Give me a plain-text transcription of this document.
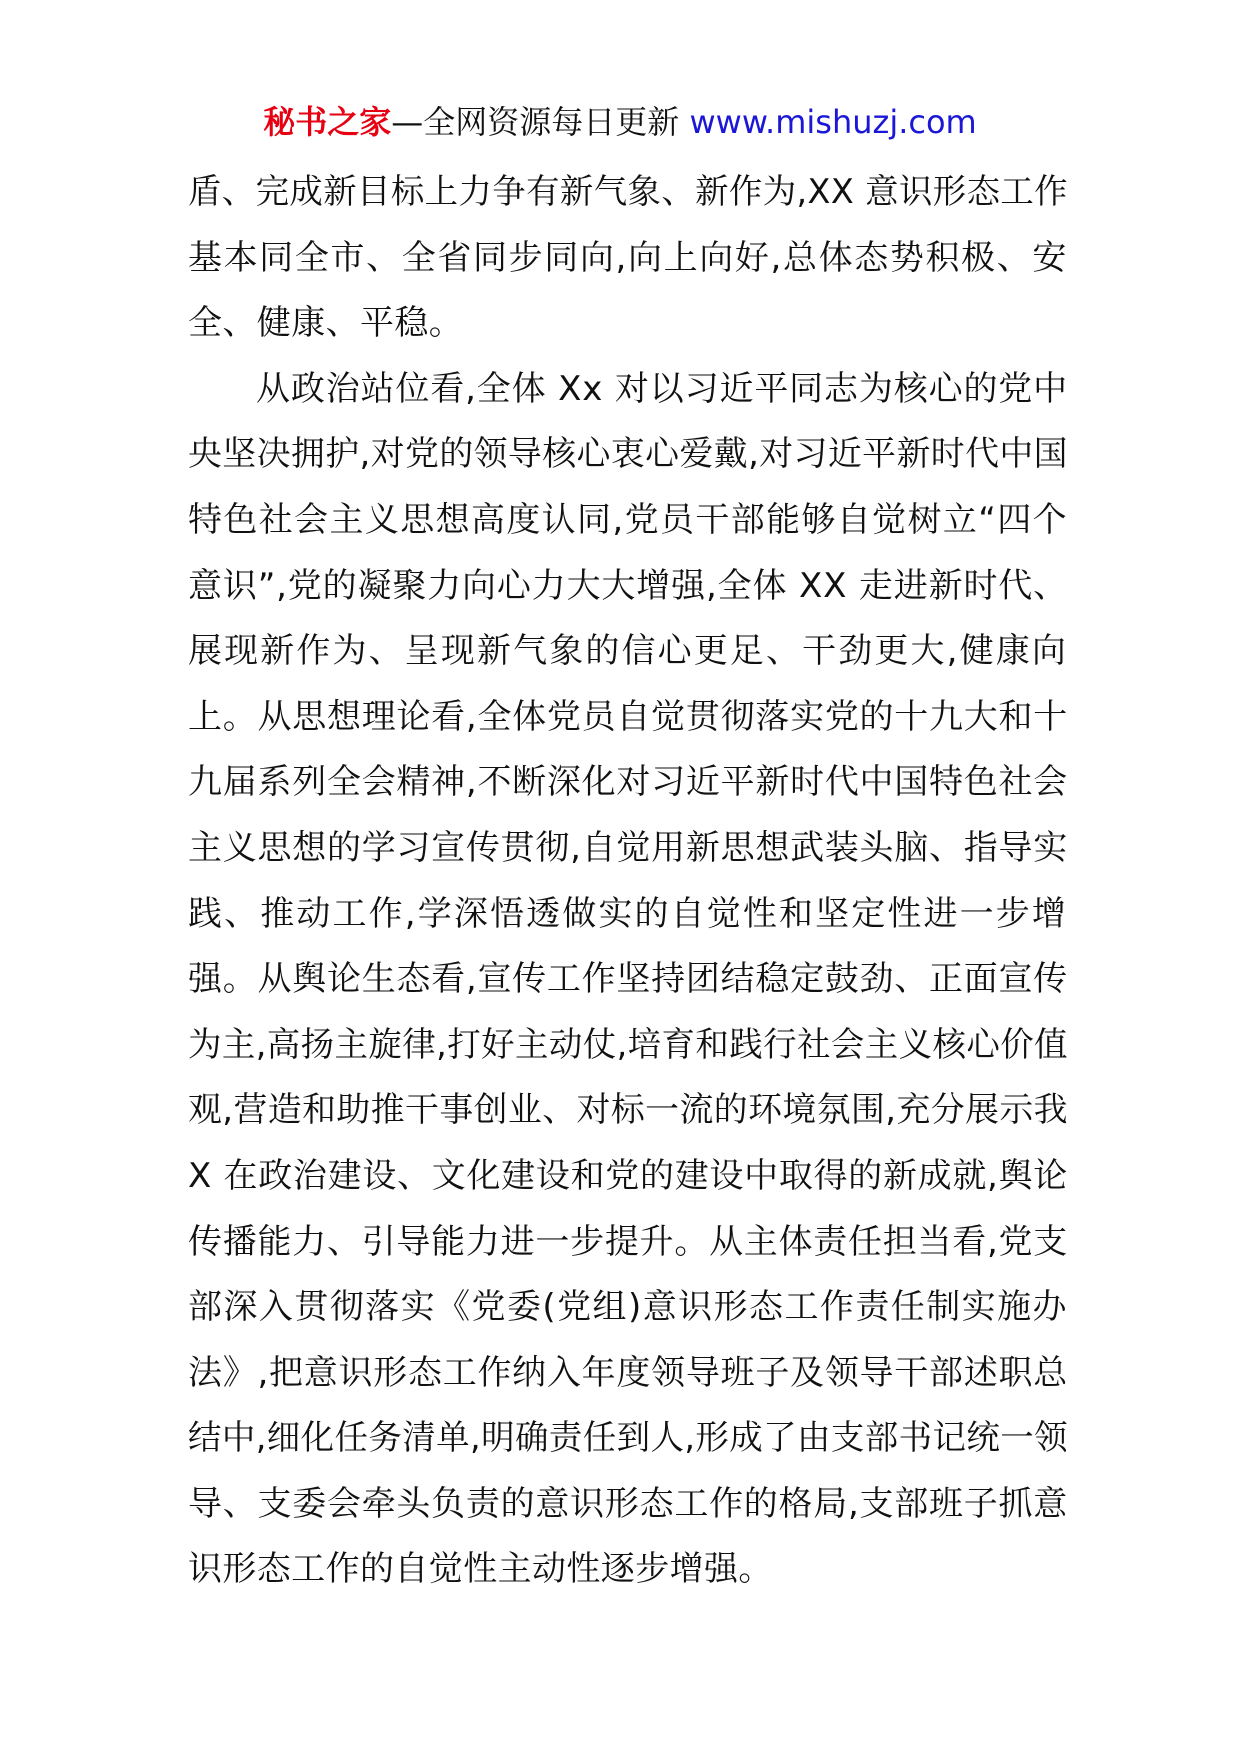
秘书之家—全网资源每日更新 www.mishuzj.com
盾、完成新目标上力争有新气象、新作为,XX 意识形态工作
基本同全市、全省同步同向,向上向好,总体态势积极、安
全、健康、平稳。
从政治站位看,全体 Xx 对以习近平同志为核心的党中
央坚决拥护,对党的领导核心衷心爱戴,对习近平新时代中国
特色社会主义思想高度认同,党员干部能够自觉树立“四个
意识”,党的凝聚力向心力大大增强,全体 XX 走进新时代、
展现新作为、呈现新气象的信心更足、干劲更大,健康向
上。从思想理论看,全体党员自觉贯彻落实党的十九大和十
九届系列全会精神,不断深化对习近平新时代中国特色社会
主义思想的学习宣传贯彻,自觉用新思想武装头脑、指导实
践、推动工作,学深悟透做实的自觉性和坚定性进一步增
强。从舆论生态看,宣传工作坚持团结稳定鼓劲、正面宣传
为主,高扬主旋律,打好主动仗,培育和践行社会主义核心价值
观,营造和助推干事创业、对标一流的环境氛围,充分展示我
X 在政治建设、文化建设和党的建设中取得的新成就,舆论
传播能力、引导能力进一步提升。从主体责任担当看,党支
部深入贯彻落实《党委(党组)意识形态工作责任制实施办
法》,把意识形态工作纳入年度领导班子及领导干部述职总
结中,细化任务清单,明确责任到人,形成了由支部书记统一领
导、支委会牵头负责的意识形态工作的格局,支部班子抓意
识形态工作的自觉性主动性逐步增强。
